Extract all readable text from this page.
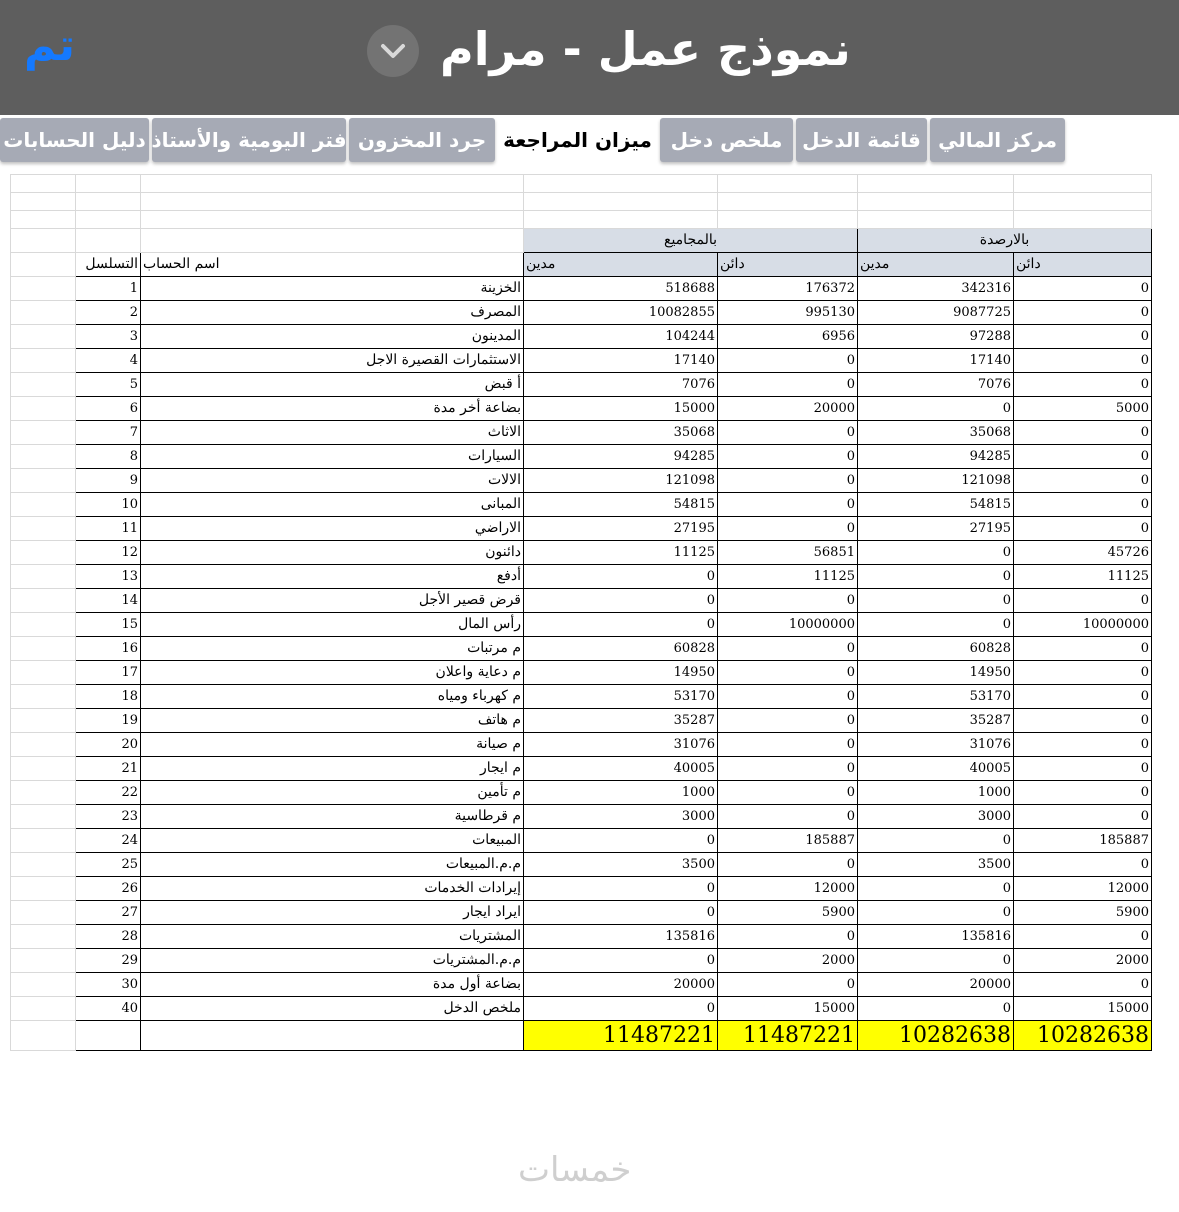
تم	نموذج عمل - مرام
مركز المالي
قائمة الدخل
ملخص دخل
ميزان المراجعة
جرد المخزون
فتر اليومية والأستاذ
دليل الحسابات

			بالمجاميع		بالارصدة	
	التسلسل	اسم الحساب	مدين	دائن	مدين	دائن
	1	الخزينة	518688	176372	342316	0
	2	المصرف	10082855	995130	9087725	0
	3	المدينون	104244	6956	97288	0
	4	الاستثمارات القصيرة الاجل	17140	0	17140	0
	5	أ قبض	7076	0	7076	0
	6	بضاعة أخر مدة	15000	20000	0	5000
	7	الاثاث	35068	0	35068	0
	8	السيارات	94285	0	94285	0
	9	الالات	121098	0	121098	0
	10	المبانى	54815	0	54815	0
	11	الاراضي	27195	0	27195	0
	12	دائنون	11125	56851	0	45726
	13	أدفع	0	11125	0	11125
	14	قرض قصير الأجل	0	0	0	0
	15	رأس المال	0	10000000	0	10000000
	16	م مرتبات	60828	0	60828	0
	17	م دعاية واعلان	14950	0	14950	0
	18	م كهرباء ومياه	53170	0	53170	0
	19	م هاتف	35287	0	35287	0
	20	م صيانة	31076	0	31076	0
	21	م ايجار	40005	0	40005	0
	22	م تأمين	1000	0	1000	0
	23	م قرطاسية	3000	0	3000	0
	24	المبيعات	0	185887	0	185887
	25	م.م.المبيعات	3500	0	3500	0
	26	إيرادات الخدمات	0	12000	0	12000
	27	ايراد ايجار	0	5900	0	5900
	28	المشتريات	135816	0	135816	0
	29	م.م.المشتريات	0	2000	0	2000
	30	بضاعة أول مدة	20000	0	20000	0
	40	ملخص الدخل	0	15000	0	15000
			11487221	11487221	10282638	10282638
خمسات
